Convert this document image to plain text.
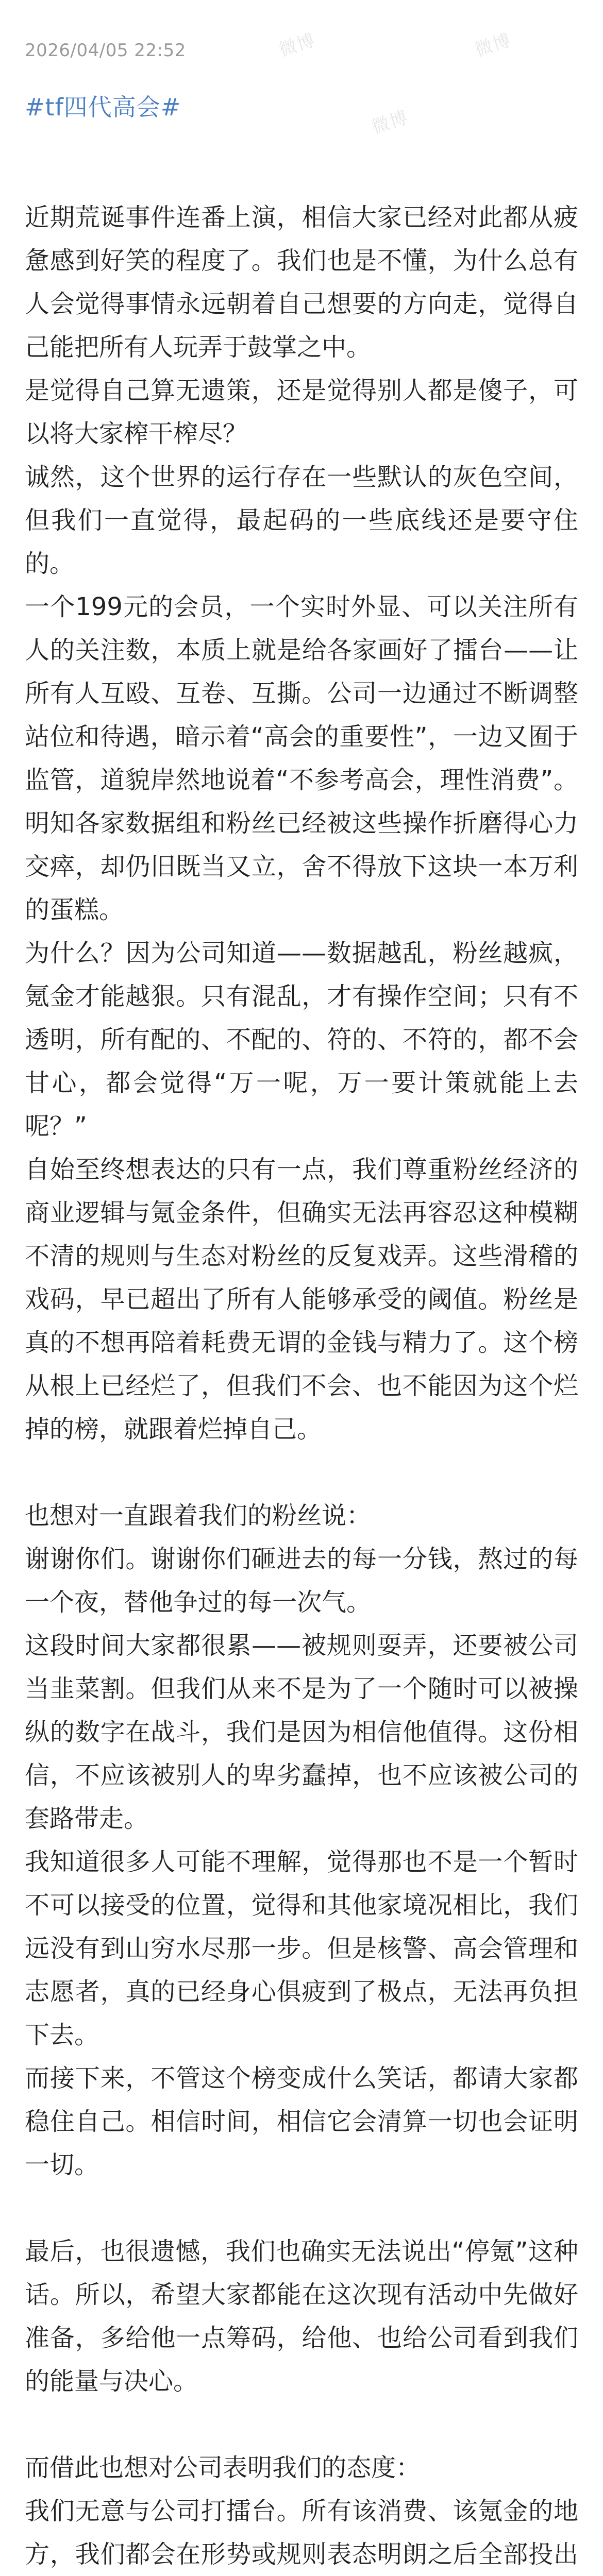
2026/04/05 22:52
#tf四代高会#
微博	微博
微博

近期荒诞事件连番上演，相信大家已经对此都从疲惫感到好笑的程度了。我们也是不懂，为什么总有人会觉得事情永远朝着自己想要的方向走，觉得自己能把所有人玩弄于鼓掌之中。

是觉得自己算无遗策，还是觉得别人都是傻子，可以将大家榨干榨尽？

诚然，这个世界的运行存在一些默认的灰色空间，但我们一直觉得，最起码的一些底线还是要守住的。

一个199元的会员，一个实时外显、可以关注所有人的关注数，本质上就是给各家画好了擂台——让所有人互殴、互卷、互撕。公司一边通过不断调整站位和待遇，暗示着“高会的重要性”，一边又囿于监管，道貌岸然地说着“不参考高会，理性消费”。明知各家数据组和粉丝已经被这些操作折磨得心力交瘁，却仍旧既当又立，舍不得放下这块一本万利的蛋糕。

为什么？因为公司知道——数据越乱，粉丝越疯，氪金才能越狠。只有混乱，才有操作空间；只有不透明，所有配的、不配的、符的、不符的，都不会甘心，都会觉得“万一呢，万一要计策就能上去呢？”

自始至终想表达的只有一点，我们尊重粉丝经济的商业逻辑与氪金条件，但确实无法再容忍这种模糊不清的规则与生态对粉丝的反复戏弄。这些滑稽的戏码，早已超出了所有人能够承受的阈值。粉丝是真的不想再陪着耗费无谓的金钱与精力了。这个榜从根上已经烂了，但我们不会、也不能因为这个烂掉的榜，就跟着烂掉自己。

也想对一直跟着我们的粉丝说：

谢谢你们。谢谢你们砸进去的每一分钱，熬过的每一个夜，替他争过的每一次气。

这段时间大家都很累——被规则耍弄，还要被公司当韭菜割。但我们从来不是为了一个随时可以被操纵的数字在战斗，我们是因为相信他值得。这份相信，不应该被别人的卑劣蠢掉，也不应该被公司的套路带走。

我知道很多人可能不理解，觉得那也不是一个暂时不可以接受的位置，觉得和其他家境况相比，我们远没有到山穷水尽那一步。但是核警、高会管理和志愿者，真的已经身心俱疲到了极点，无法再负担下去。

而接下来，不管这个榜变成什么笑话，都请大家都稳住自己。相信时间，相信它会清算一切也会证明一切。

最后，也很遗憾，我们也确实无法说出“停氪”这种话。所以，希望大家都能在这次现有活动中先做好准备，多给他一点筹码，给他、也给公司看到我们的能量与决心。

而借此也想对公司表明我们的态度：

我们无意与公司打擂台。所有该消费、该氪金的地方，我们都会在形势或规则表态明朗之后全部投出
